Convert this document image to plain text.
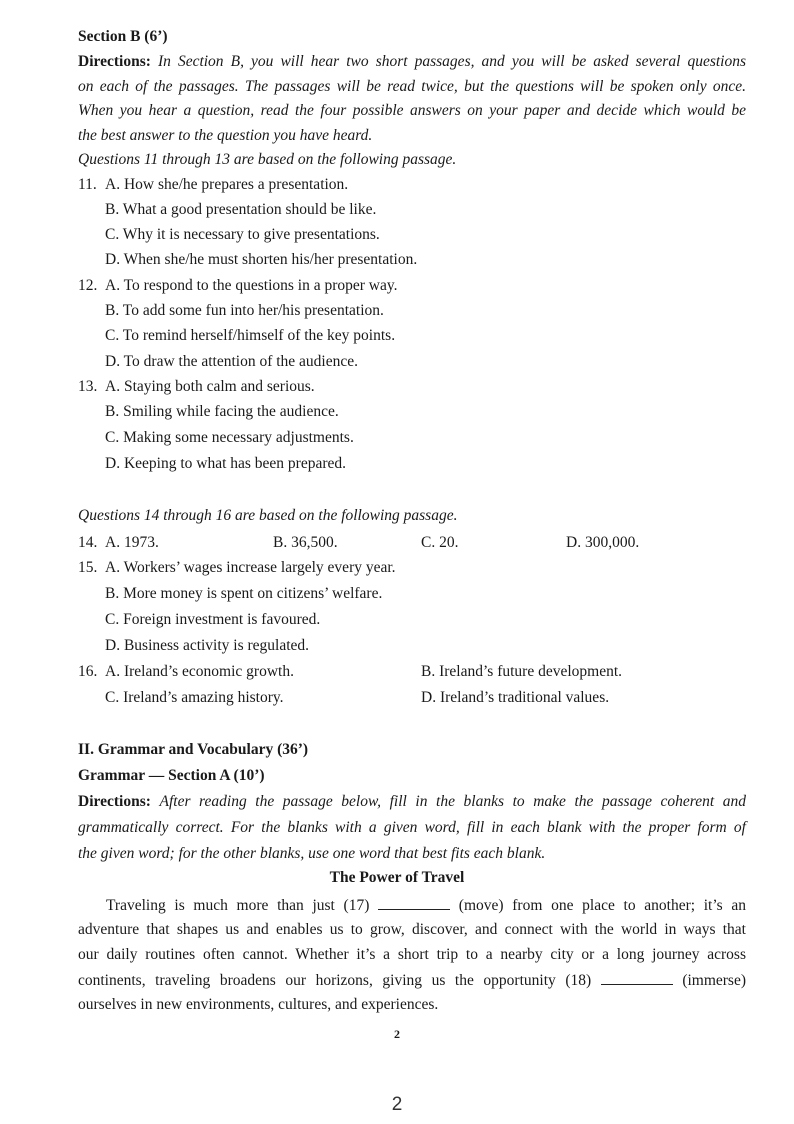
Section B (6’)
Directions: In Section B, you will hear two short passages, and you will be asked several questions
on each of the passages. The passages will be read twice, but the questions will be spoken only once.
When you hear a question, read the four possible answers on your paper and decide which would be
the best answer to the question you have heard.
Questions 11 through 13 are based on the following passage.
11. A. How she/he prepares a presentation.
B. What a good presentation should be like.
C. Why it is necessary to give presentations.
D. When she/he must shorten his/her presentation.
12. A. To respond to the questions in a proper way.
B. To add some fun into her/his presentation.
C. To remind herself/himself of the key points.
D. To draw the attention of the audience.
13. A. Staying both calm and serious.
B. Smiling while facing the audience.
C. Making some necessary adjustments.
D. Keeping to what has been prepared.
Questions 14 through 16 are based on the following passage.
14. A. 1973.	B. 36,500.	C. 20.	D. 300,000.
15. A. Workers’ wages increase largely every year.
B. More money is spent on citizens’ welfare.
C. Foreign investment is favoured.
D. Business activity is regulated.
16. A. Ireland’s economic growth.	B. Ireland’s future development.
C. Ireland’s amazing history.	D. Ireland’s traditional values.
II. Grammar and Vocabulary (36’)
Grammar — Section A (10’)
Directions: After reading the passage below, fill in the blanks to make the passage coherent and
grammatically correct. For the blanks with a given word, fill in each blank with the proper form of
the given word; for the other blanks, use one word that best fits each blank.
The Power of Travel
Traveling is much more than just (17)	(move) from one place to another; it’s an
adventure that shapes us and enables us to grow, discover, and connect with the world in ways that
our daily routines often cannot. Whether it’s a short trip to a nearby city or a long journey across
continents, traveling broadens our horizons, giving us the opportunity (18)	(immerse)
ourselves in new environments, cultures, and experiences.
2
2
